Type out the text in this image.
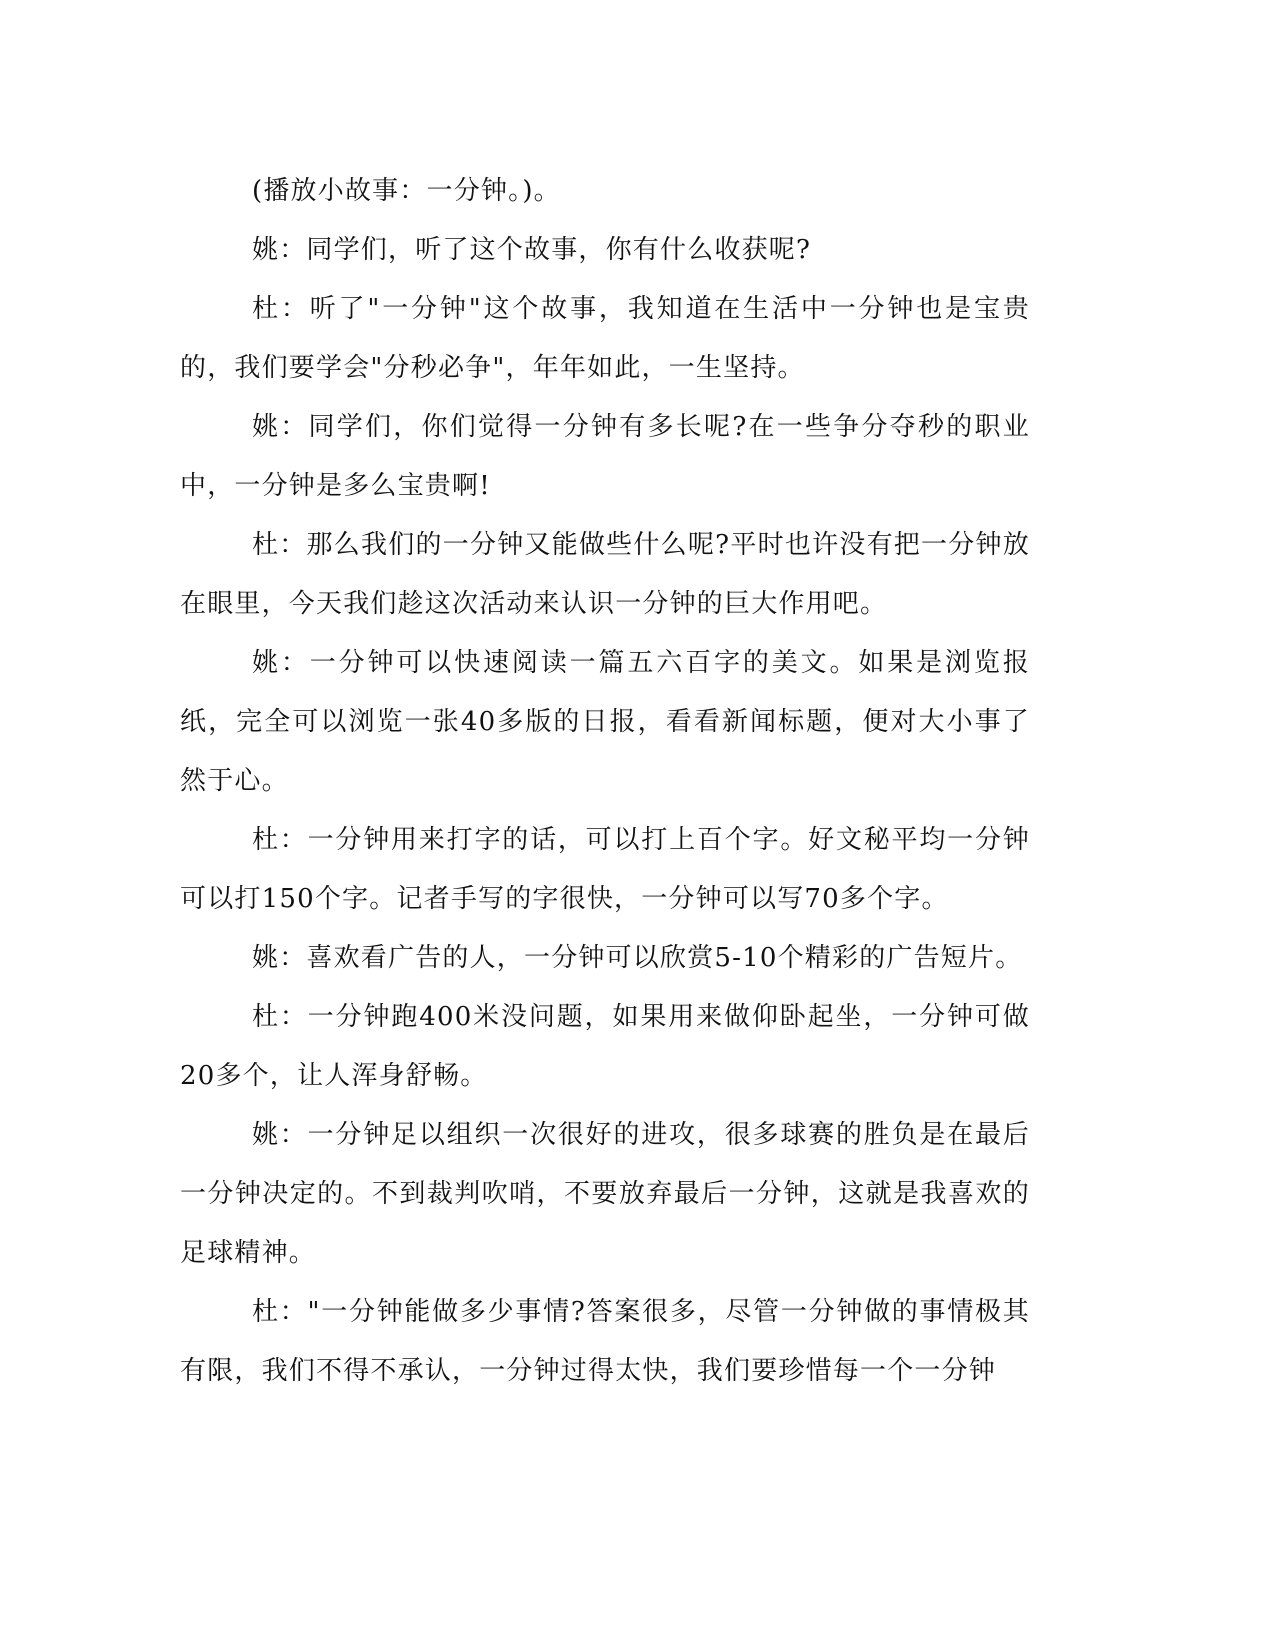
(播放小故事：一分钟。)。

姚：同学们，听了这个故事，你有什么收获呢?

杜：听了"一分钟"这个故事，我知道在生活中一分钟也是宝贵的，我们要学会"分秒必争"，年年如此，一生坚持。

姚：同学们，你们觉得一分钟有多长呢?在一些争分夺秒的职业中，一分钟是多么宝贵啊!

杜：那么我们的一分钟又能做些什么呢?平时也许没有把一分钟放在眼里，今天我们趁这次活动来认识一分钟的巨大作用吧。

姚：一分钟可以快速阅读一篇五六百字的美文。如果是浏览报纸，完全可以浏览一张40多版的日报，看看新闻标题，便对大小事了然于心。

杜：一分钟用来打字的话，可以打上百个字。好文秘平均一分钟可以打150个字。记者手写的字很快，一分钟可以写70多个字。

姚：喜欢看广告的人，一分钟可以欣赏5-10个精彩的广告短片。

杜：一分钟跑400米没问题，如果用来做仰卧起坐，一分钟可做20多个，让人浑身舒畅。

姚：一分钟足以组织一次很好的进攻，很多球赛的胜负是在最后一分钟决定的。不到裁判吹哨，不要放弃最后一分钟，这就是我喜欢的足球精神。

杜："一分钟能做多少事情?答案很多，尽管一分钟做的事情极其有限，我们不得不承认，一分钟过得太快，我们要珍惜每一个一分钟
